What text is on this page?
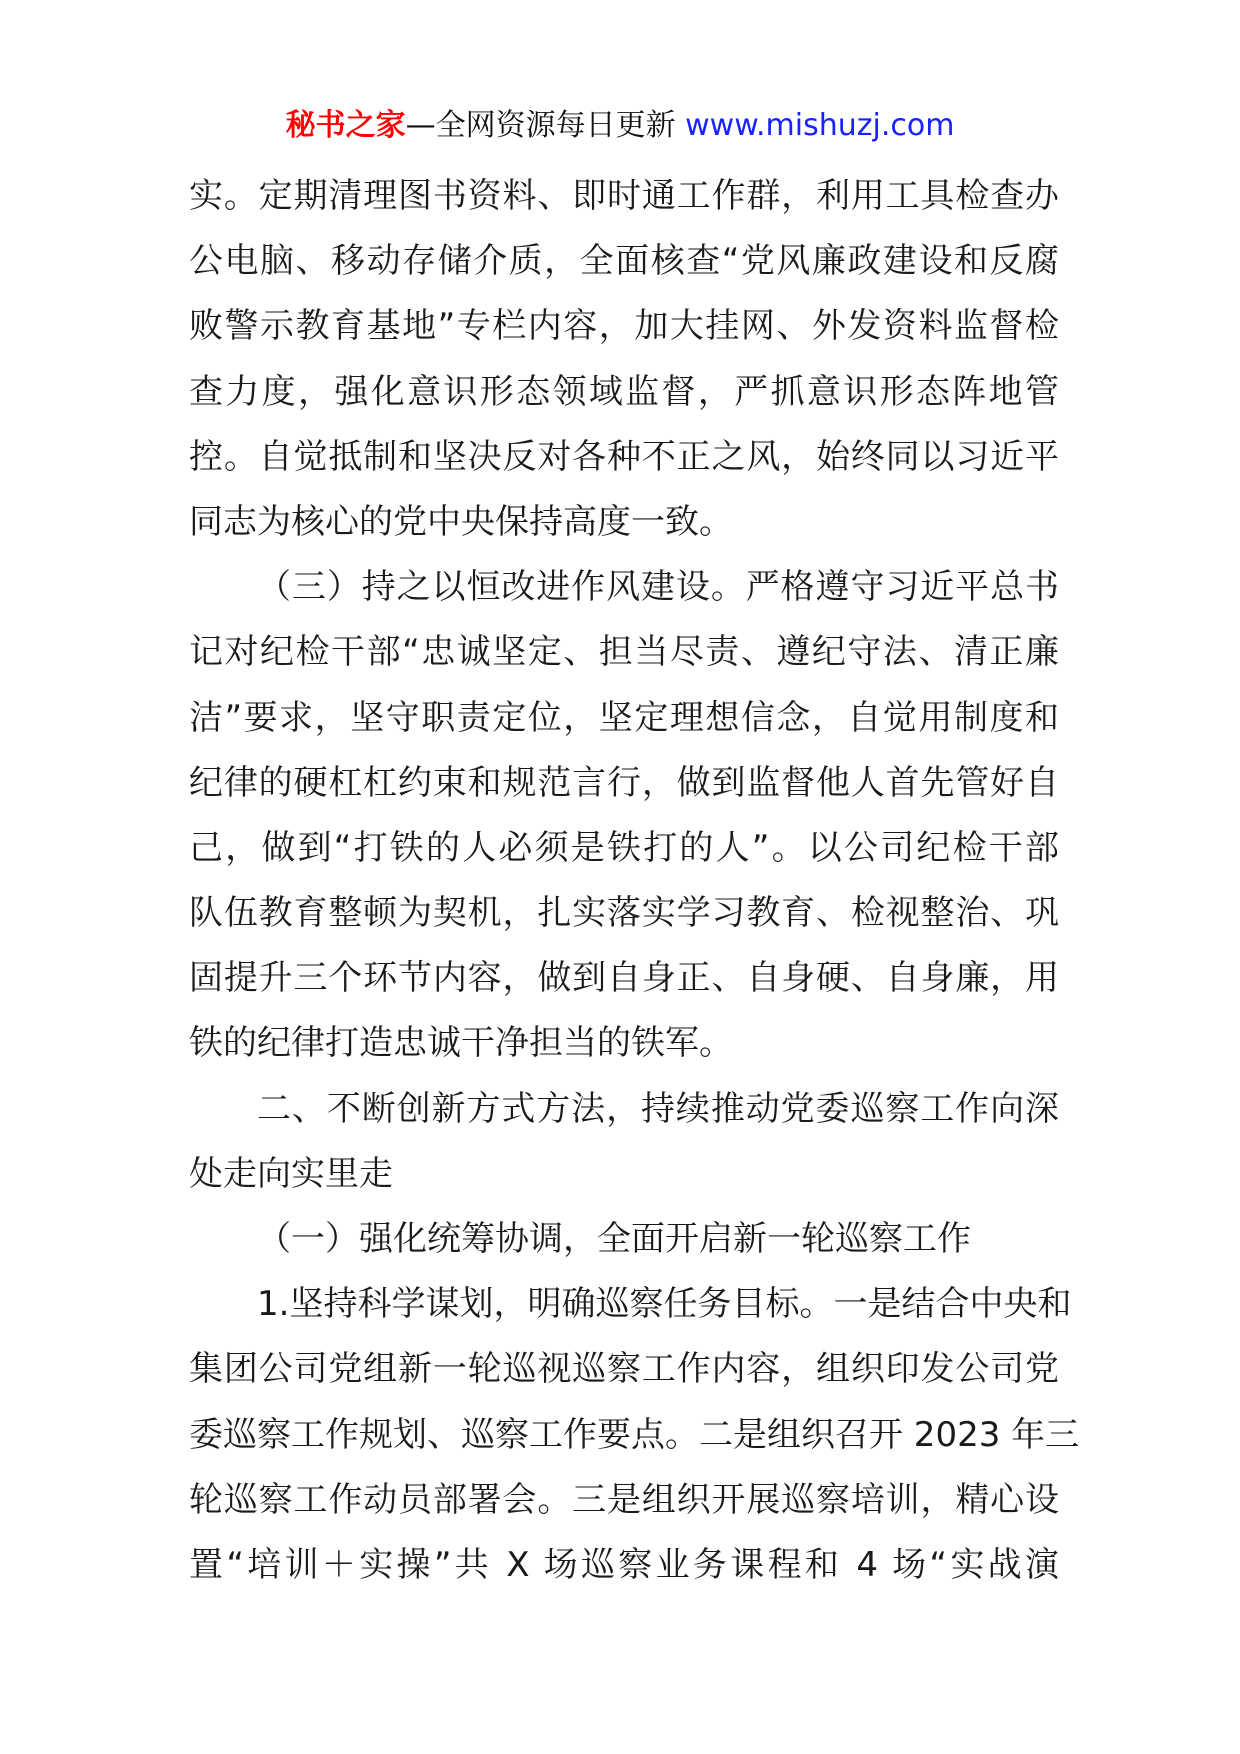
秘书之家—全网资源每日更新 www.mishuzj.com
实。定期清理图书资料、即时通工作群，利用工具检查办
公电脑、移动存储介质，全面核查“党风廉政建设和反腐
败警示教育基地”专栏内容，加大挂网、外发资料监督检
查力度，强化意识形态领域监督，严抓意识形态阵地管
控。自觉抵制和坚决反对各种不正之风，始终同以习近平
同志为核心的党中央保持高度一致。
（三）持之以恒改进作风建设。严格遵守习近平总书
记对纪检干部“忠诚坚定、担当尽责、遵纪守法、清正廉
洁”要求，坚守职责定位，坚定理想信念，自觉用制度和
纪律的硬杠杠约束和规范言行，做到监督他人首先管好自
己，做到“打铁的人必须是铁打的人”。以公司纪检干部
队伍教育整顿为契机，扎实落实学习教育、检视整治、巩
固提升三个环节内容，做到自身正、自身硬、自身廉，用
铁的纪律打造忠诚干净担当的铁军。
二、不断创新方式方法，持续推动党委巡察工作向深
处走向实里走
（一）强化统筹协调，全面开启新一轮巡察工作
1.坚持科学谋划，明确巡察任务目标。一是结合中央和
集团公司党组新一轮巡视巡察工作内容，组织印发公司党
委巡察工作规划、巡察工作要点。二是组织召开 2023 年三
轮巡察工作动员部署会。三是组织开展巡察培训，精心设
置“培训＋实操”共 X 场巡察业务课程和 4 场“实战演
